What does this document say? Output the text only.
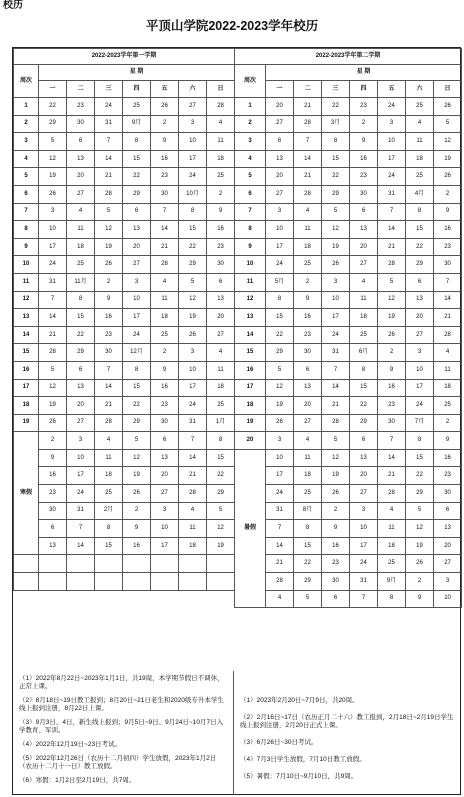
校历
平顶山学院2022-2023学年校历
2022-2023学年第一学期							
周次	星 期						
	一	二	三	四	五	六	日
1	22	23	24	25	26	27	28
2	29	30	31	9月	2	3	4
3	5	6	7	8	9	10	11
4	12	13	14	15	16	17	18
5	19	20	21	22	23	24	25
6	26	27	28	29	30	10月	2
7	3	4	5	6	7	8	9
8	10	11	12	13	14	15	16
9	17	18	19	20	21	22	23
10	24	25	26	27	28	29	30
11	31	11月	2	3	4	5	6
12	7	8	9	10	11	12	13
13	14	15	16	17	18	19	20
14	21	22	23	24	25	26	27
15	28	29	30	12月	2	3	4
16	5	6	7	8	9	10	11
17	12	13	14	15	16	17	18
18	19	20	21	22	23	24	25
19	26	27	28	29	30	31	1月
寒假	2	3	4	5	6	7	8
	9	10	11	12	13	14	15
	16	17	18	19	20	21	22
	23	24	25	26	27	28	29
	30	31	2月	2	3	4	5
	6	7	8	9	10	11	12
	13	14	15	16	17	18	19

2022-2023学年第二学期							
周次	星 期						
	一	二	三	四	五	六	日
1	20	21	22	23	24	25	26
2	27	28	3月	2	3	4	5
3	6	7	8	9	10	11	12
4	13	14	15	16	17	18	19
5	20	21	22	23	24	25	26
6	27	28	29	30	31	4月	2
7	3	4	5	6	7	8	9
8	10	11	12	13	14	15	16
9	17	18	19	20	21	22	23
10	24	25	26	27	28	29	30
11	5月	2	3	4	5	6	7
12	8	9	10	11	12	13	14
13	15	16	17	18	19	20	21
14	22	23	24	25	26	27	28
15	29	30	31	6月	2	3	4
16	5	6	7	8	9	10	11
17	12	13	14	15	16	17	18
18	19	20	21	22	23	24	25
19	26	27	28	29	30	7月	2
20	3	4	5	6	7	8	9
暑假	10	11	12	13	14	15	16
	17	18	19	20	21	22	23
	24	25	26	27	28	29	30
	31	8月	2	3	4	5	6
	7	8	9	10	11	12	13
	14	15	16	17	18	19	20
	21	22	23	24	25	26	27
	28	29	30	31	9月	2	3
	4	5	6	7	8	9	10

（1）2022年8月22日~2023年1月1日，共19周，本学期节假日不调休，正常上课。

（2）8月18日~19日教工报到；8月20日~21日老生和2020级专升本学生线上报到注册，8月22日上课。

（3）9月3日、4日，新生线上报到；9月5日~9日、9月24日~10月7日入学教育、军训。

（4）2022年12月19日~23日考试。

（5）2022年12月26日（农历十二月初四）学生放假，2023年1月2日（农历十二月十一日）教工放假。

（6）寒假：1月2日至2月19日，共7周。

（1）2023年2月20日~7月9日，共20周。

（2）2月16日~17日（农历正月二十六）教工报到，2月18日~2月19日学生线上报到注册，2月20日正式上课。

（3）6月26日~30日考试。

（4）7月3日学生放假，7月10日教工放假。

（5）暑假：7月10日~9月10日，共9周。
